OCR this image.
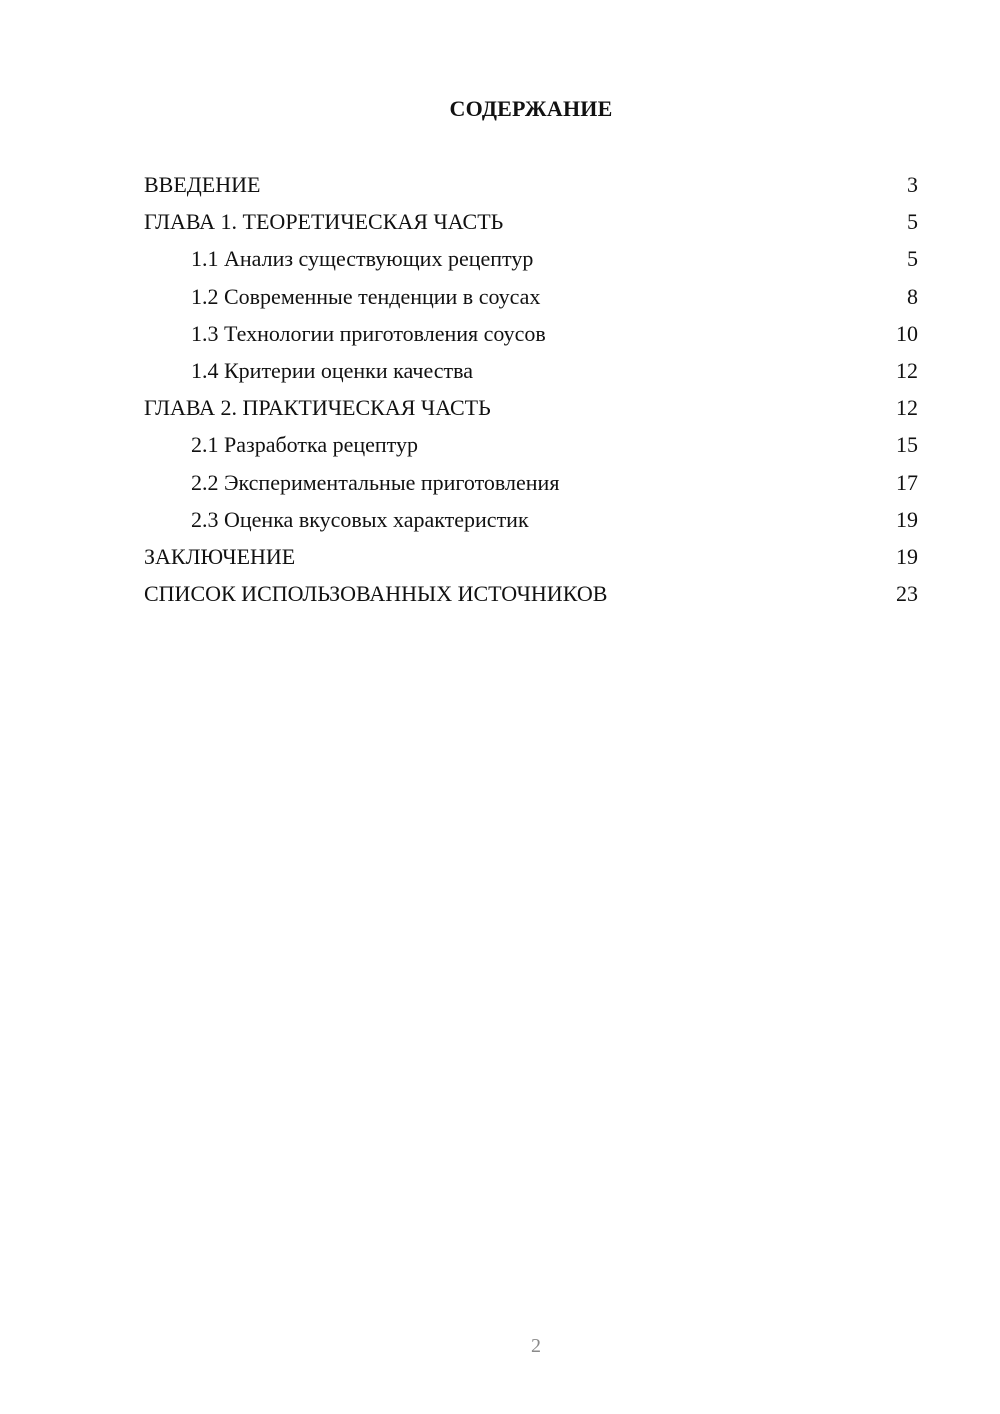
СОДЕРЖАНИЕ
ВВЕДЕНИЕ	3
ГЛАВА 1. ТЕОРЕТИЧЕСКАЯ ЧАСТЬ	5
1.1 Анализ существующих рецептур	5
1.2 Современные тенденции в соусах	8
1.3 Технологии приготовления соусов	10
1.4 Критерии оценки качества	12
ГЛАВА 2. ПРАКТИЧЕСКАЯ ЧАСТЬ	12
2.1 Разработка рецептур	15
2.2 Экспериментальные приготовления	17
2.3 Оценка вкусовых характеристик	19
ЗАКЛЮЧЕНИЕ	19
СПИСОК ИСПОЛЬЗОВАННЫХ ИСТОЧНИКОВ	23
2
